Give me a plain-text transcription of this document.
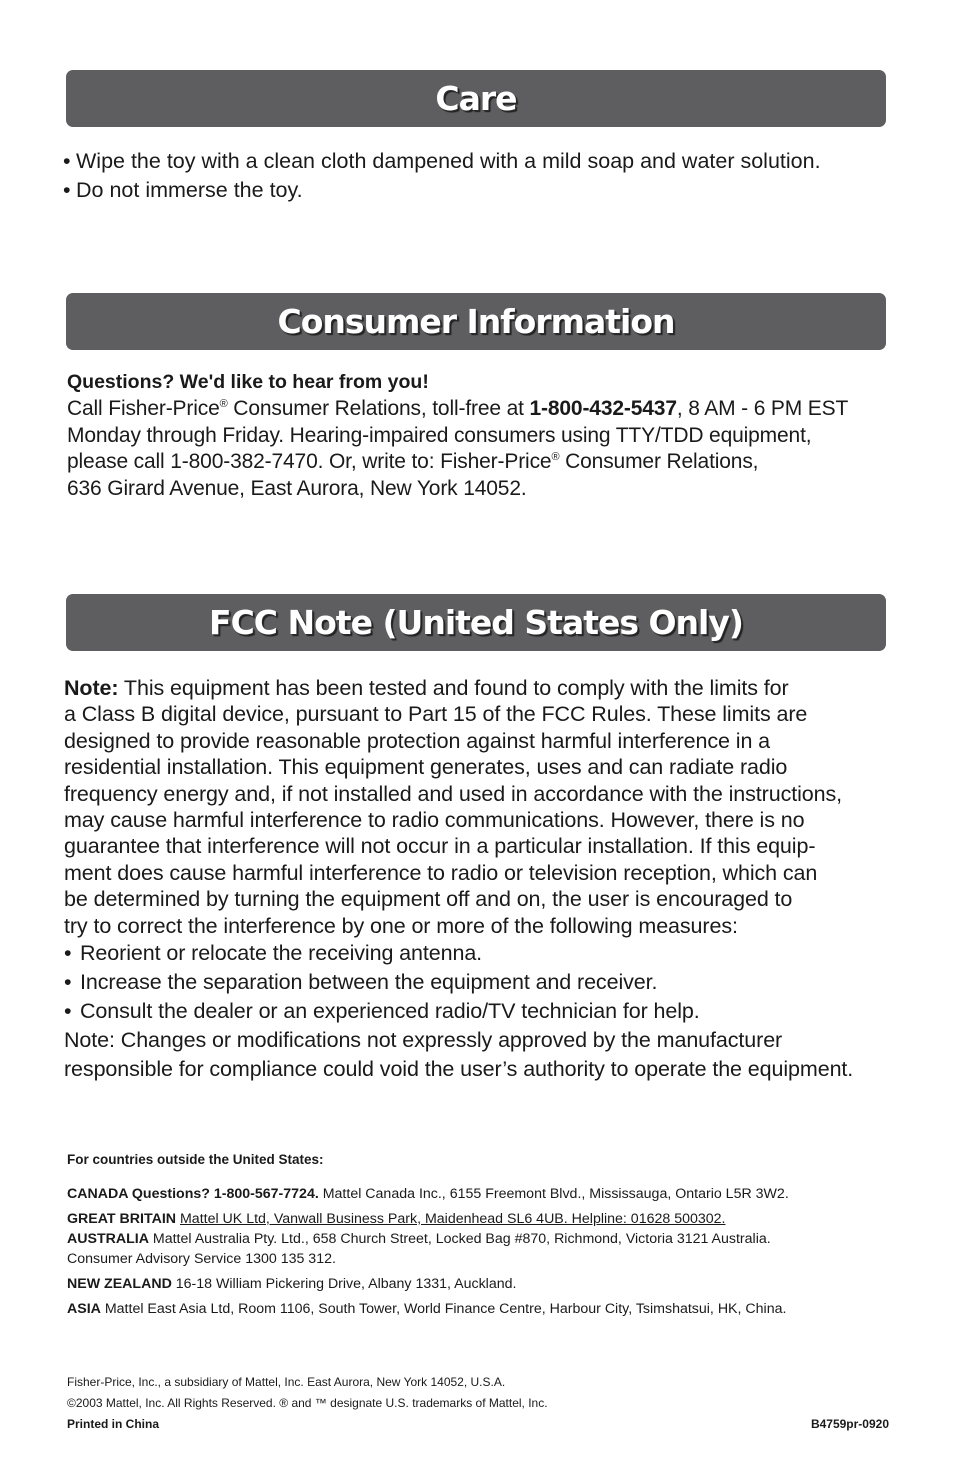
Care
• Wipe the toy with a clean cloth dampened with a mild soap and water solution.
• Do not immerse the toy.
Consumer Information
Questions? We'd like to hear from you!
Call Fisher-Price® Consumer Relations, toll-free at 1-800-432-5437, 8 AM - 6 PM EST
Monday through Friday. Hearing-impaired consumers using TTY/TDD equipment,
please call 1-800-382-7470. Or, write to: Fisher-Price® Consumer Relations,
636 Girard Avenue, East Aurora, New York 14052.
FCC Note (United States Only)
Note: This equipment has been tested and found to comply with the limits for
a Class B digital device, pursuant to Part 15 of the FCC Rules. These limits are
designed to provide reasonable protection against harmful interference in a
residential installation. This equipment generates, uses and can radiate radio
frequency energy and, if not installed and used in accordance with the instructions,
may cause harmful interference to radio communications. However, there is no
guarantee that interference will not occur in a particular installation. If this equip-
ment does cause harmful interference to radio or television reception, which can
be determined by turning the equipment off and on, the user is encouraged to
try to correct the interference by one or more of the following measures:
• Reorient or relocate the receiving antenna.
• Increase the separation between the equipment and receiver.
• Consult the dealer or an experienced radio/TV technician for help.
Note: Changes or modifications not expressly approved by the manufacturer
responsible for compliance could void the user’s authority to operate the equipment.
For countries outside the United States:
CANADA Questions? 1-800-567-7724. Mattel Canada Inc., 6155 Freemont Blvd., Mississauga, Ontario L5R 3W2.
GREAT BRITAIN Mattel UK Ltd, Vanwall Business Park, Maidenhead SL6 4UB. Helpline: 01628 500302.
AUSTRALIA Mattel Australia Pty. Ltd., 658 Church Street, Locked Bag #870, Richmond, Victoria 3121 Australia.
Consumer Advisory Service 1300 135 312.
NEW ZEALAND 16-18 William Pickering Drive, Albany 1331, Auckland.
ASIA Mattel East Asia Ltd, Room 1106, South Tower, World Finance Centre, Harbour City, Tsimshatsui, HK, China.
Fisher-Price, Inc., a subsidiary of Mattel, Inc. East Aurora, New York 14052, U.S.A.
©2003 Mattel, Inc. All Rights Reserved. ® and ™ designate U.S. trademarks of Mattel, Inc.
Printed in China	B4759pr-0920
